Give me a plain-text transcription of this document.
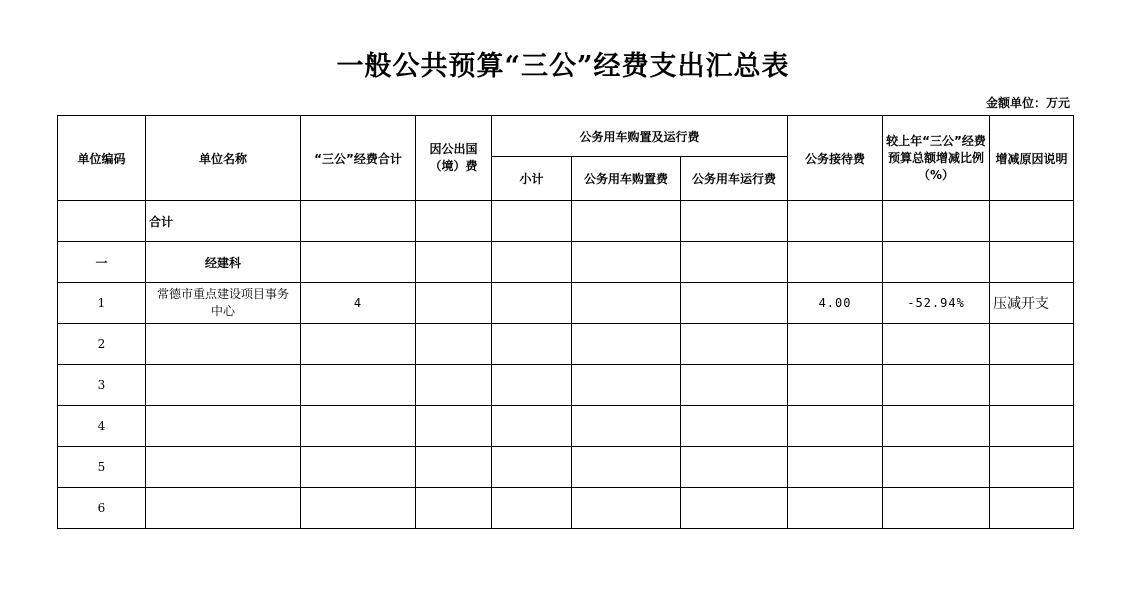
一般公共预算“三公”经费支出汇总表
金额单位：万元
单位编码	单位名称	“三公”经费合计	因公出国（境）费	公务用车购置及运行费			公务接待费	较上年“三公”经费预算总额增减比例（%）	增减原因说明
				小计	公务用车购置费	公务用车运行费			
	合计								
一	经建科								
1	常德市重点建设项目事务中心	4					4.00	-52.94%	压减开支
2									
3									
4									
5									
6									
